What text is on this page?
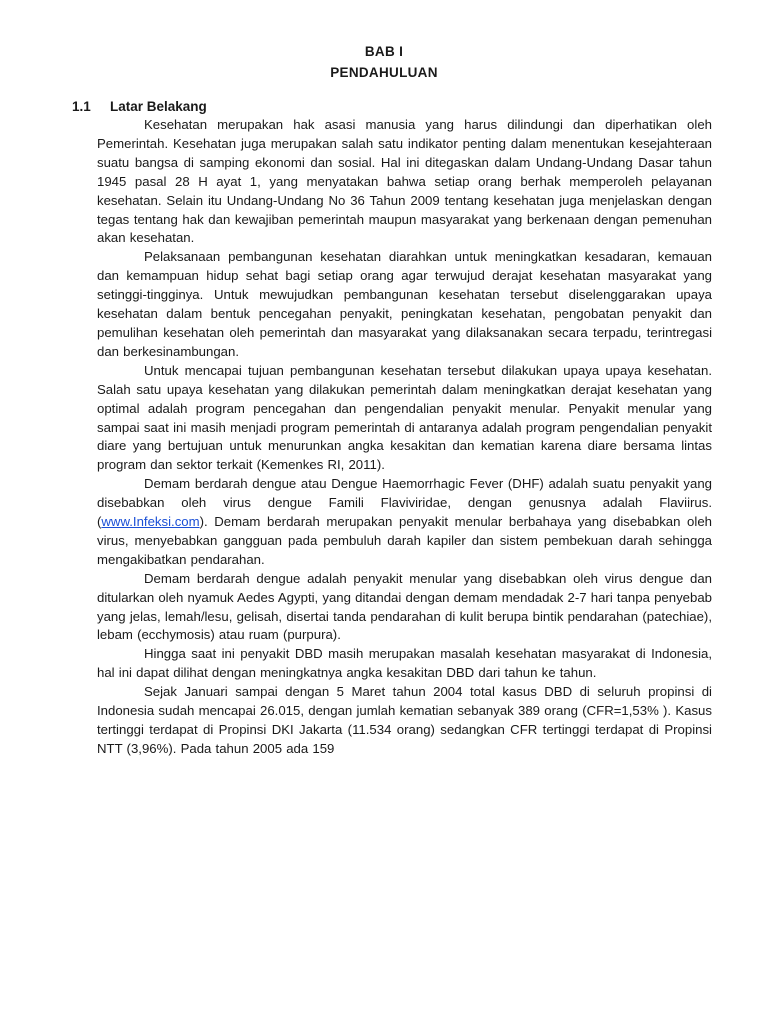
BAB I
PENDAHULUAN
1.1 Latar Belakang

Kesehatan merupakan hak asasi manusia yang harus dilindungi dan diperhatikan oleh Pemerintah. Kesehatan juga merupakan salah satu indikator penting dalam menentukan kesejahteraan suatu bangsa di samping ekonomi dan sosial. Hal ini ditegaskan dalam Undang-Undang Dasar tahun 1945 pasal 28 H ayat 1, yang menyatakan bahwa setiap orang berhak memperoleh pelayanan kesehatan. Selain itu Undang-Undang No 36 Tahun 2009 tentang kesehatan juga menjelaskan dengan tegas tentang hak dan kewajiban pemerintah maupun masyarakat yang berkenaan dengan pemenuhan akan kesehatan.

Pelaksanaan pembangunan kesehatan diarahkan untuk meningkatkan kesadaran, kemauan dan kemampuan hidup sehat bagi setiap orang agar terwujud derajat kesehatan masyarakat yang setinggi-tingginya. Untuk mewujudkan pembangunan kesehatan tersebut diselenggarakan upaya kesehatan dalam bentuk pencegahan penyakit, peningkatan kesehatan, pengobatan penyakit dan pemulihan kesehatan oleh pemerintah dan masyarakat yang dilaksanakan secara terpadu, terintregasi dan berkesinambungan.

Untuk mencapai tujuan pembangunan kesehatan tersebut dilakukan upaya upaya kesehatan. Salah satu upaya kesehatan yang dilakukan pemerintah dalam meningkatkan derajat kesehatan yang optimal adalah program pencegahan dan pengendalian penyakit menular. Penyakit menular yang sampai saat ini masih menjadi program pemerintah di antaranya adalah program pengendalian penyakit diare yang bertujuan untuk menurunkan angka kesakitan dan kematian karena diare bersama lintas program dan sektor terkait (Kemenkes RI, 2011).

Demam berdarah dengue atau Dengue Haemorrhagic Fever (DHF) adalah suatu penyakit yang disebabkan oleh virus dengue Famili Flaviviridae, dengan genusnya adalah Flaviirus. (www.Infeksi.com). Demam berdarah merupakan penyakit menular berbahaya yang disebabkan oleh virus, menyebabkan gangguan pada pembuluh darah kapiler dan sistem pembekuan darah sehingga mengakibatkan pendarahan.

Demam berdarah dengue adalah penyakit menular yang disebabkan oleh virus dengue dan ditularkan oleh nyamuk Aedes Agypti, yang ditandai dengan demam mendadak 2-7 hari tanpa penyebab yang jelas, lemah/lesu, gelisah, disertai tanda pendarahan di kulit berupa bintik pendarahan (patechiae), lebam (ecchymosis) atau ruam (purpura).

Hingga saat ini penyakit DBD masih merupakan masalah kesehatan masyarakat di Indonesia, hal ini dapat dilihat dengan meningkatnya angka kesakitan DBD dari tahun ke tahun.

Sejak Januari sampai dengan 5 Maret tahun 2004 total kasus DBD di seluruh propinsi di Indonesia sudah mencapai 26.015, dengan jumlah kematian sebanyak 389 orang (CFR=1,53% ). Kasus tertinggi terdapat di Propinsi DKI Jakarta (11.534 orang) sedangkan CFR tertinggi terdapat di Propinsi NTT (3,96%). Pada tahun 2005 ada 159
